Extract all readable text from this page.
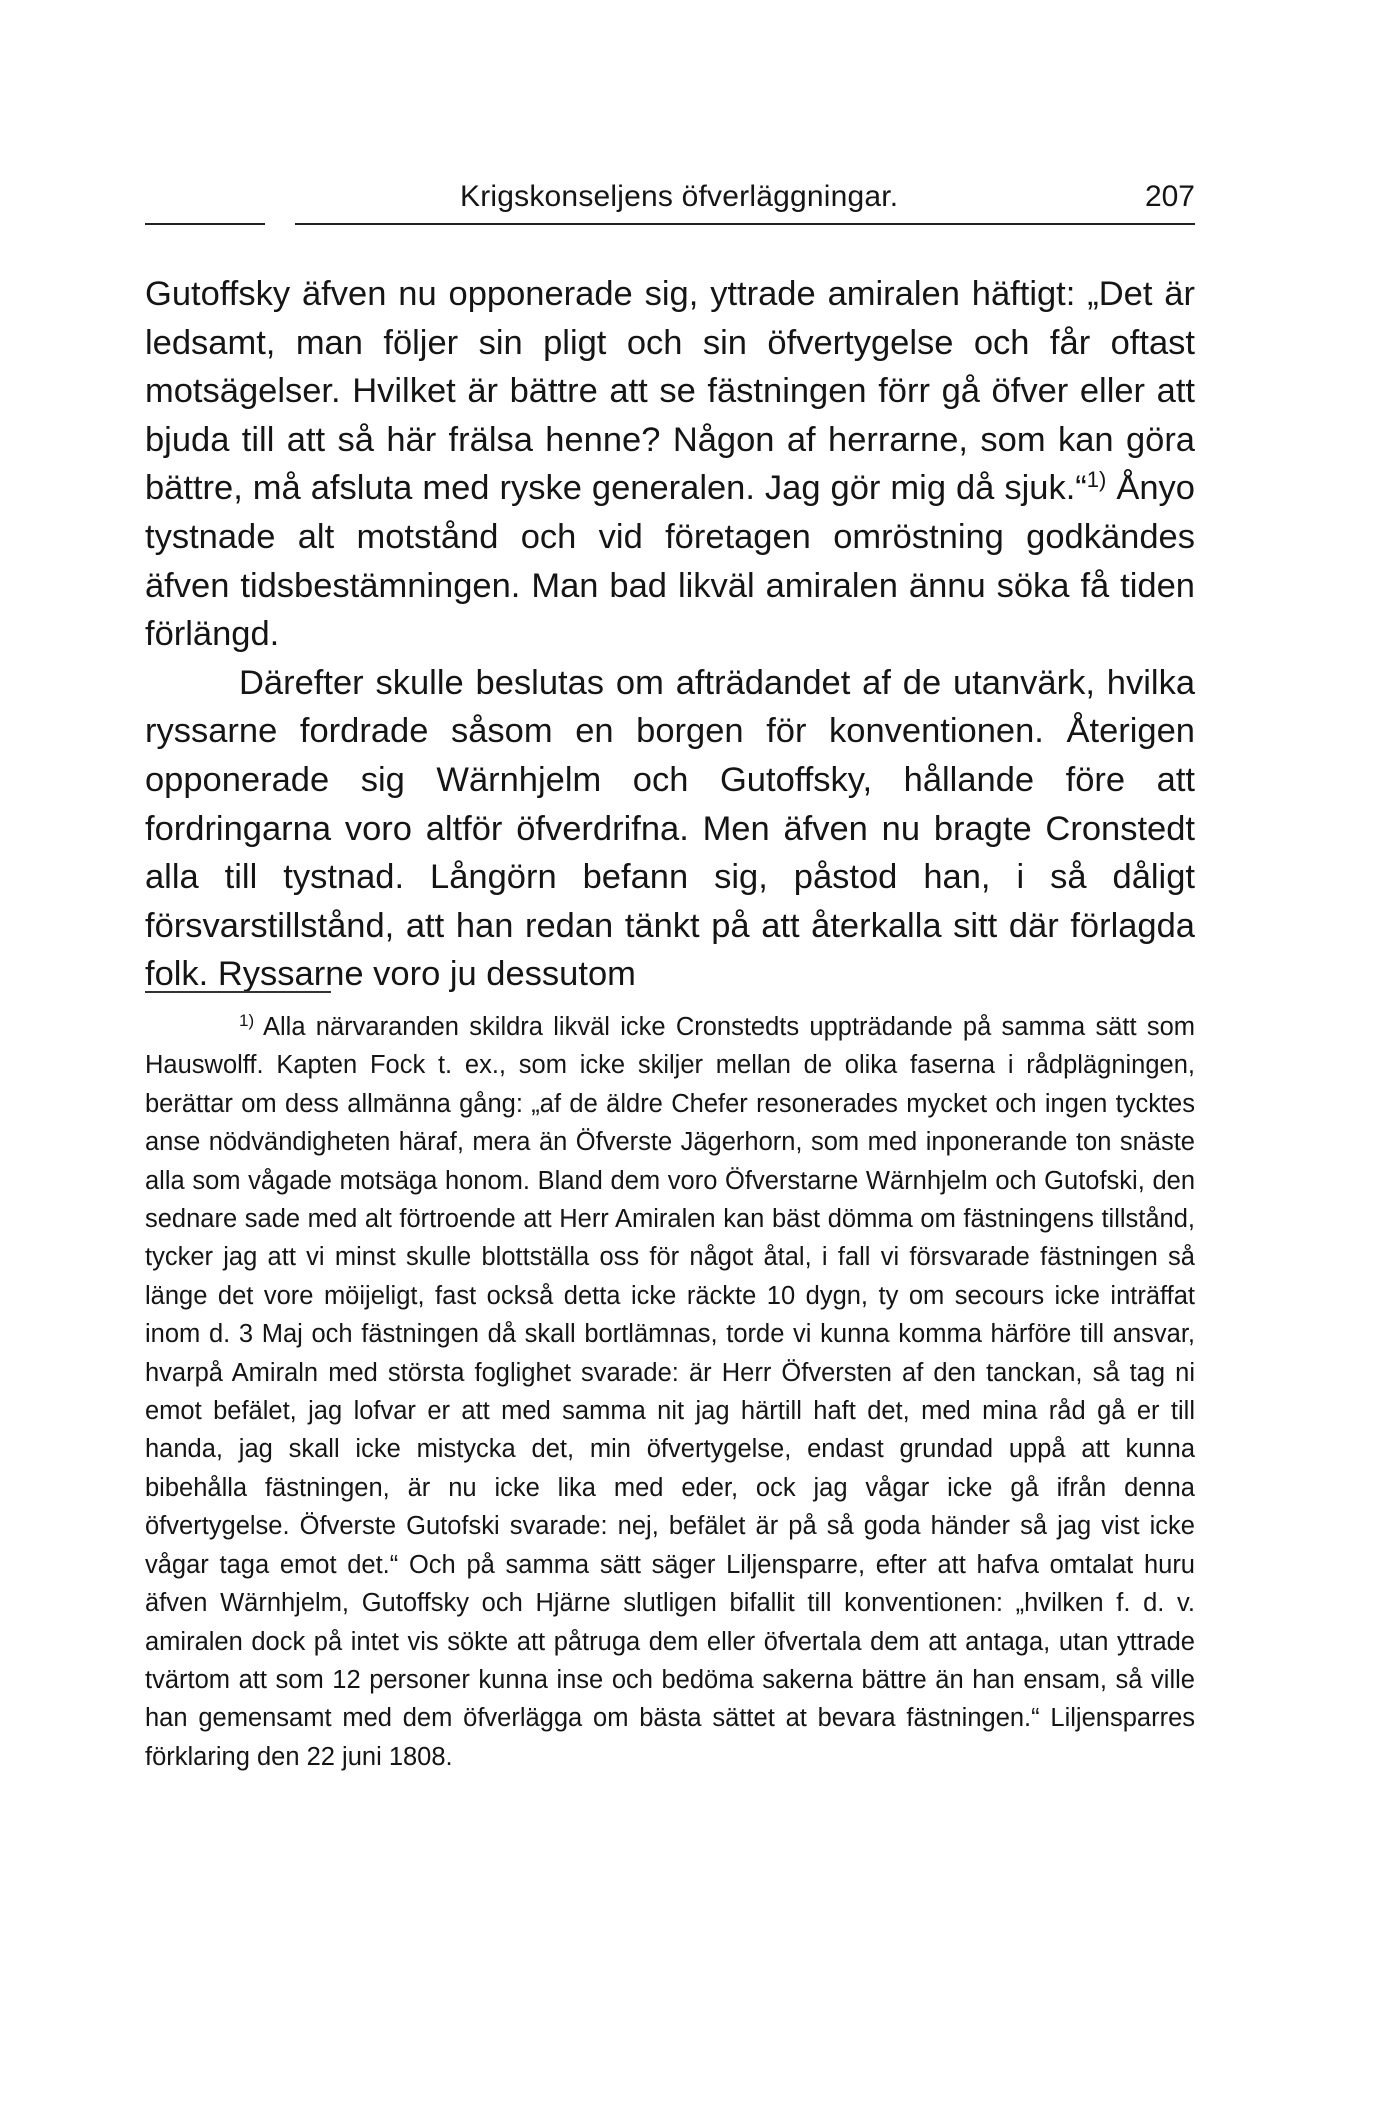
Krigskonseljens öfverläggningar.	207

Gutoffsky äfven nu opponerade sig, yttrade amiralen häftigt: „Det är ledsamt, man följer sin pligt och sin öfvertygelse och får oftast motsägelser. Hvilket är bättre att se fästningen förr gå öfver eller att bjuda till att så här frälsa henne? Någon af herrarne, som kan göra bättre, må afsluta med ryske generalen. Jag gör mig då sjuk.“$^{1)}$ Ånyo tystnade alt motstånd och vid företagen omröstning godkändes äfven tidsbestämningen. Man bad likväl amiralen ännu söka få tiden förlängd.

Därefter skulle beslutas om afträdandet af de utanvärk, hvilka ryssarne fordrade såsom en borgen för konventionen. Återigen opponerade sig Wärnhjelm och Gutoffsky, hållande före att fordringarna voro altför öfverdrifna. Men äfven nu bragte Cronstedt alla till tystnad. Långörn befann sig, påstod han, i så dåligt försvarstillstånd, att han redan tänkt på att återkalla sitt där förlagda folk. Ryssarne voro ju dessutom

$^{1)}$ Alla närvaranden skildra likväl icke Cronstedts uppträdande på samma sätt som Hauswolff. Kapten Fock t. ex., som icke skiljer mellan de olika faserna i rådplägningen, berättar om dess allmänna gång: „af de äldre Chefer resonerades mycket och ingen tycktes anse nödvändigheten häraf, mera än Öfverste Jägerhorn, som med inponerande ton snäste alla som vågade motsäga honom. Bland dem voro Öfverstarne Wärnhjelm och Gutofski, den sednare sade med alt förtroende att Herr Amiralen kan bäst dömma om fästningens tillstånd, tycker jag att vi minst skulle blottställa oss för något åtal, i fall vi försvarade fästningen så länge det vore möijeligt, fast också detta icke räckte 10 dygn, ty om secours icke inträffat inom d. 3 Maj och fästningen då skall bortlämnas, torde vi kunna komma härföre till ansvar, hvarpå Amiraln med största foglighet svarade: är Herr Öfversten af den tanckan, så tag ni emot befälet, jag lofvar er att med samma nit jag härtill haft det, med mina råd gå er till handa, jag skall icke mistycka det, min öfvertygelse, endast grundad uppå att kunna bibehålla fästningen, är nu icke lika med eder, ock jag vågar icke gå ifrån denna öfvertygelse. Öfverste Gutofski svarade: nej, befälet är på så goda händer så jag vist icke vågar taga emot det.“ Och på samma sätt säger Liljensparre, efter att hafva omtalat huru äfven Wärnhjelm, Gutoffsky och Hjärne slutligen bifallit till konventionen: „hvilken f. d. v. amiralen dock på intet vis sökte att påtruga dem eller öfvertala dem att antaga, utan yttrade tvärtom att som 12 personer kunna inse och bedöma sakerna bättre än han ensam, så ville han gemensamt med dem öfverlägga om bästa sättet at bevara fästningen.“ Liljensparres förklaring den 22 juni 1808.
